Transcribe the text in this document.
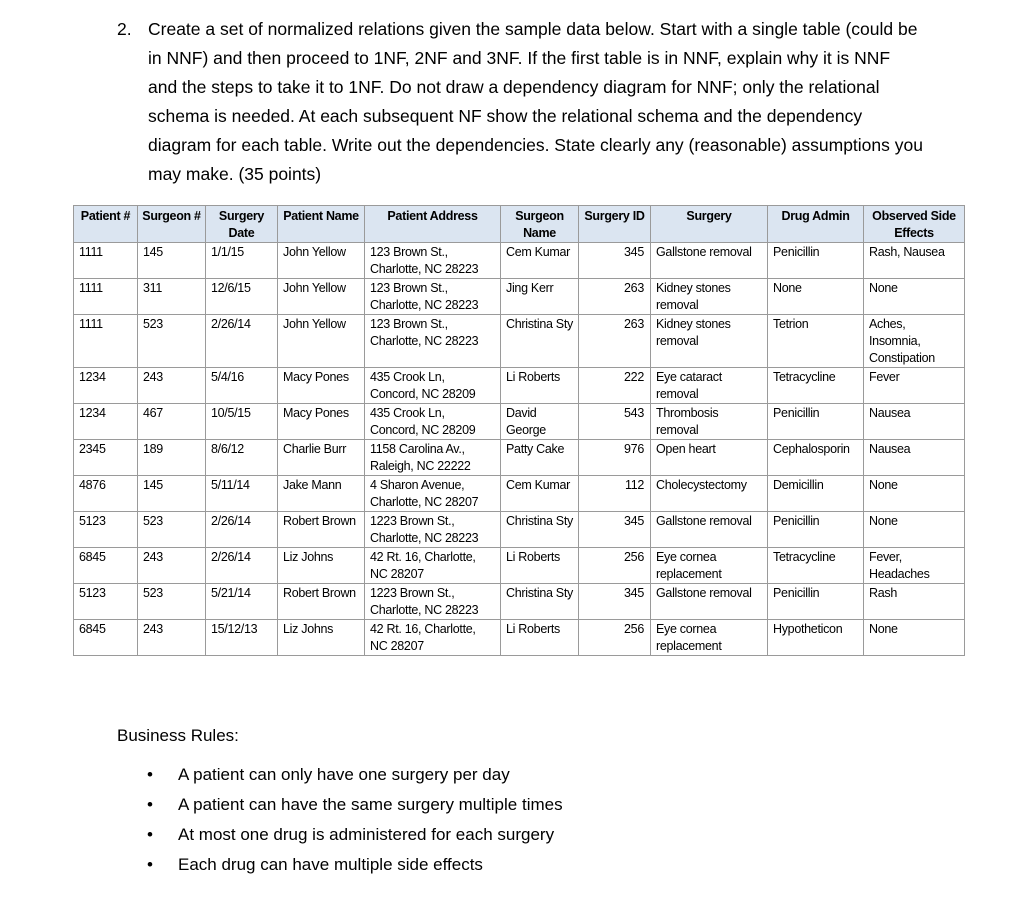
2. Create a set of normalized relations given the sample data below. Start with a single table (could be in NNF) and then proceed to 1NF, 2NF and 3NF. If the first table is in NNF, explain why it is NNF and the steps to take it to 1NF. Do not draw a dependency diagram for NNF; only the relational schema is needed. At each subsequent NF show the relational schema and the dependency diagram for each table. Write out the dependencies. State clearly any (reasonable) assumptions you may make. (35 points)

Patient #	Surgeon #	Surgery Date	Patient Name	Patient Address	Surgeon Name	Surgery ID	Surgery	Drug Admin	Observed Side Effects
1111	145	1/1/15	John Yellow	123 Brown St., Charlotte, NC 28223	Cem Kumar	345	Gallstone removal	Penicillin	Rash, Nausea
1111	311	12/6/15	John Yellow	123 Brown St., Charlotte, NC 28223	Jing Kerr	263	Kidney stones removal	None	None
1111	523	2/26/14	John Yellow	123 Brown St., Charlotte, NC 28223	Christina Sty	263	Kidney stones removal	Tetrion	Aches, Insomnia, Constipation
1234	243	5/4/16	Macy Pones	435 Crook Ln, Concord, NC 28209	Li Roberts	222	Eye cataract removal	Tetracycline	Fever
1234	467	10/5/15	Macy Pones	435 Crook Ln, Concord, NC 28209	David George	543	Thrombosis removal	Penicillin	Nausea
2345	189	8/6/12	Charlie Burr	1158 Carolina Av., Raleigh, NC 22222	Patty Cake	976	Open heart	Cephalosporin	Nausea
4876	145	5/11/14	Jake Mann	4 Sharon Avenue, Charlotte, NC 28207	Cem Kumar	112	Cholecystectomy	Demicillin	None
5123	523	2/26/14	Robert Brown	1223 Brown St., Charlotte, NC 28223	Christina Sty	345	Gallstone removal	Penicillin	None
6845	243	2/26/14	Liz Johns	42 Rt. 16, Charlotte, NC 28207	Li Roberts	256	Eye cornea replacement	Tetracycline	Fever, Headaches
5123	523	5/21/14	Robert Brown	1223 Brown St., Charlotte, NC 28223	Christina Sty	345	Gallstone removal	Penicillin	Rash
6845	243	15/12/13	Liz Johns	42 Rt. 16, Charlotte, NC 28207	Li Roberts	256	Eye cornea replacement	Hypotheticon	None
Business Rules:
• A patient can only have one surgery per day
• A patient can have the same surgery multiple times
• At most one drug is administered for each surgery
• Each drug can have multiple side effects
